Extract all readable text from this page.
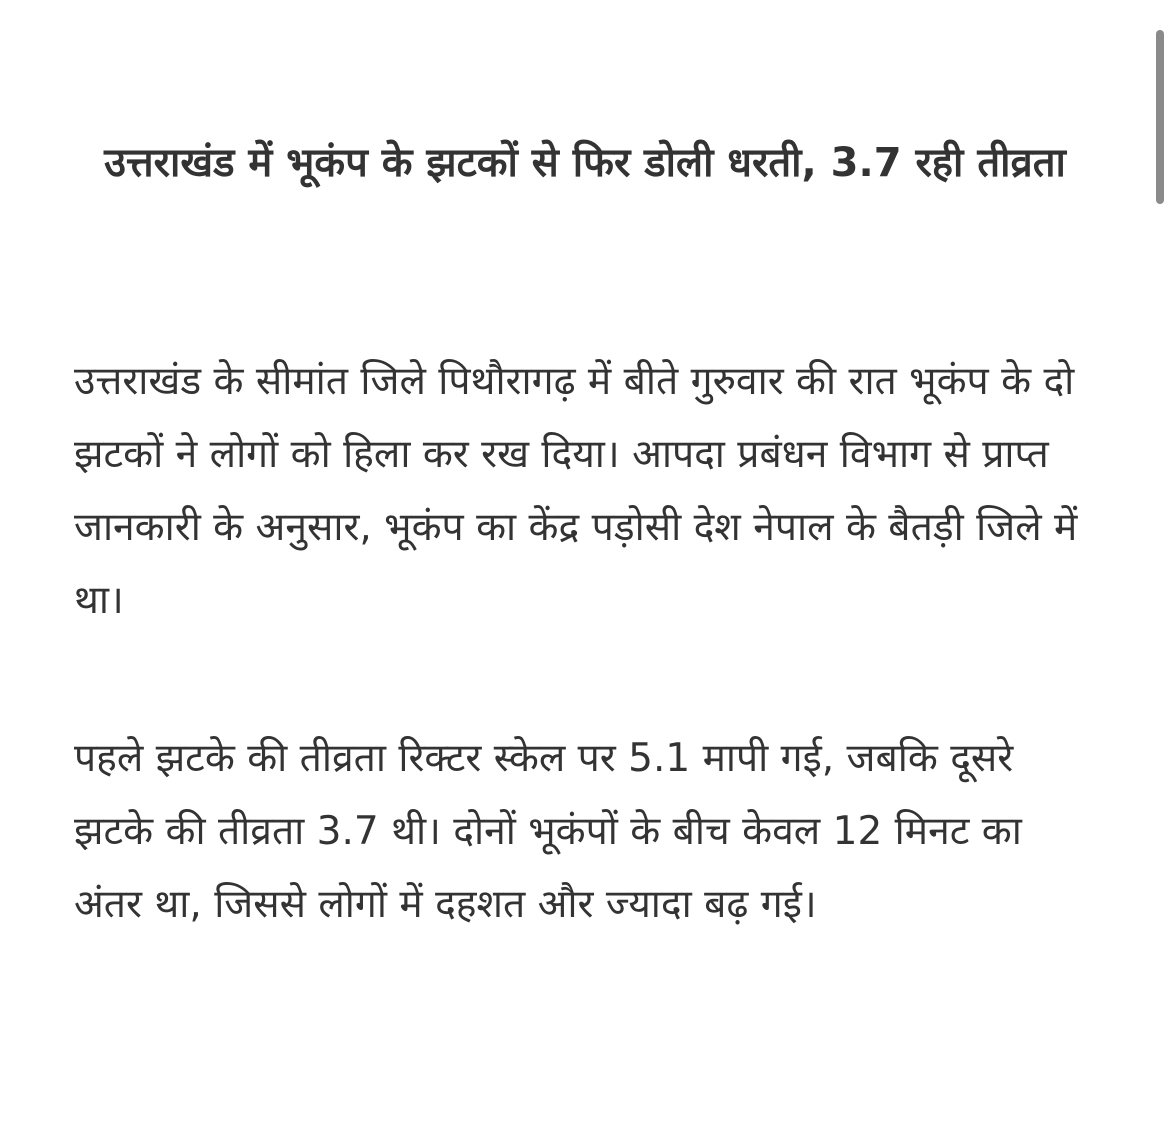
उत्तराखंड में भूकंप के झटकों से फिर डोली धरती, 3.7 रही तीव्रता

उत्तराखंड के सीमांत जिले पिथौरागढ़ में बीते गुरुवार की रात भूकंप के दो झटकों ने लोगों को हिला कर रख दिया। आपदा प्रबंधन विभाग से प्राप्त जानकारी के अनुसार, भूकंप का केंद्र पड़ोसी देश नेपाल के बैतड़ी जिले में था।

पहले झटके की तीव्रता रिक्टर स्केल पर 5.1 मापी गई, जबकि दूसरे झटके की तीव्रता 3.7 थी। दोनों भूकंपों के बीच केवल 12 मिनट का अंतर था, जिससे लोगों में दहशत और ज्यादा बढ़ गई।
